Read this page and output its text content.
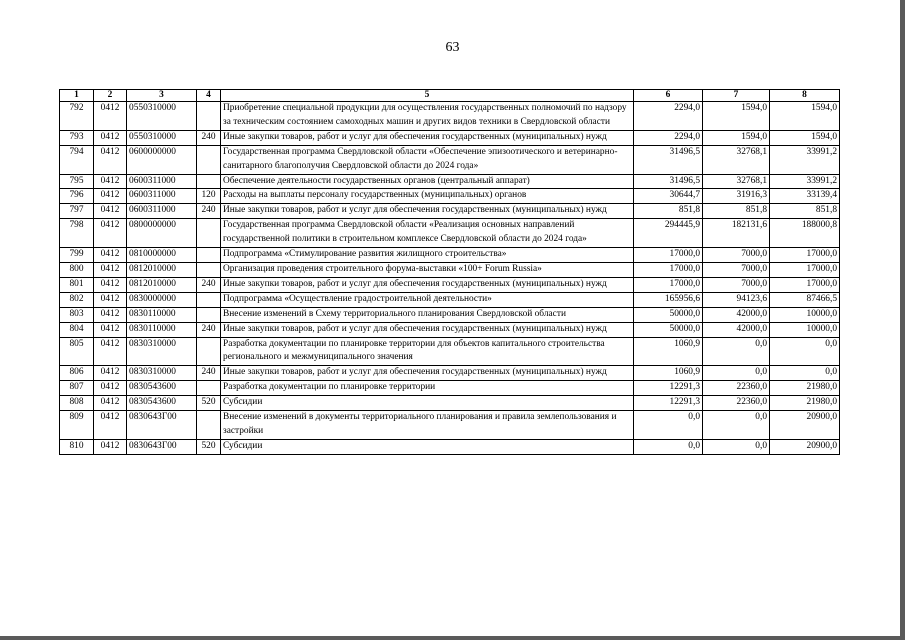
63
1	2	3	4	5	6	7	8
792	0412	0550310000		Приобретение специальной продукции для осуществления государственных полномочий по надзору за техническим состоянием самоходных машин и других видов техники в Свердловской области	2294,0	1594,0	1594,0
793	0412	0550310000	240	Иные закупки товаров, работ и услуг для обеспечения государственных (муниципальных) нужд	2294,0	1594,0	1594,0
794	0412	0600000000		Государственная программа Свердловской области «Обеспечение эпизоотического и ветеринарно-санитарного благополучия Свердловской области до 2024 года»	31496,5	32768,1	33991,2
795	0412	0600311000		Обеспечение деятельности государственных органов (центральный аппарат)	31496,5	32768,1	33991,2
796	0412	0600311000	120	Расходы на выплаты персоналу государственных (муниципальных) органов	30644,7	31916,3	33139,4
797	0412	0600311000	240	Иные закупки товаров, работ и услуг для обеспечения государственных (муниципальных) нужд	851,8	851,8	851,8
798	0412	0800000000		Государственная программа Свердловской области «Реализация основных направлений государственной политики в строительном комплексе Свердловской области до 2024 года»	294445,9	182131,6	188000,8
799	0412	0810000000		Подпрограмма «Стимулирование развития жилищного строительства»	17000,0	7000,0	17000,0
800	0412	0812010000		Организация проведения строительного форума-выставки «100+ Forum Russia»	17000,0	7000,0	17000,0
801	0412	0812010000	240	Иные закупки товаров, работ и услуг для обеспечения государственных (муниципальных) нужд	17000,0	7000,0	17000,0
802	0412	0830000000		Подпрограмма «Осуществление градостроительной деятельности»	165956,6	94123,6	87466,5
803	0412	0830110000		Внесение изменений в Схему территориального планирования Свердловской области	50000,0	42000,0	10000,0
804	0412	0830110000	240	Иные закупки товаров, работ и услуг для обеспечения государственных (муниципальных) нужд	50000,0	42000,0	10000,0
805	0412	0830310000		Разработка документации по планировке территории для объектов капитального строительства регионального и межмуниципального значения	1060,9	0,0	0,0
806	0412	0830310000	240	Иные закупки товаров, работ и услуг для обеспечения государственных (муниципальных) нужд	1060,9	0,0	0,0
807	0412	0830543600		Разработка документации по планировке территории	12291,3	22360,0	21980,0
808	0412	0830543600	520	Субсидии	12291,3	22360,0	21980,0
809	0412	083064ЗГ00		Внесение изменений в документы территориального планирования и правила землепользования и застройки	0,0	0,0	20900,0
810	0412	083064ЗГ00	520	Субсидии	0,0	0,0	20900,0
